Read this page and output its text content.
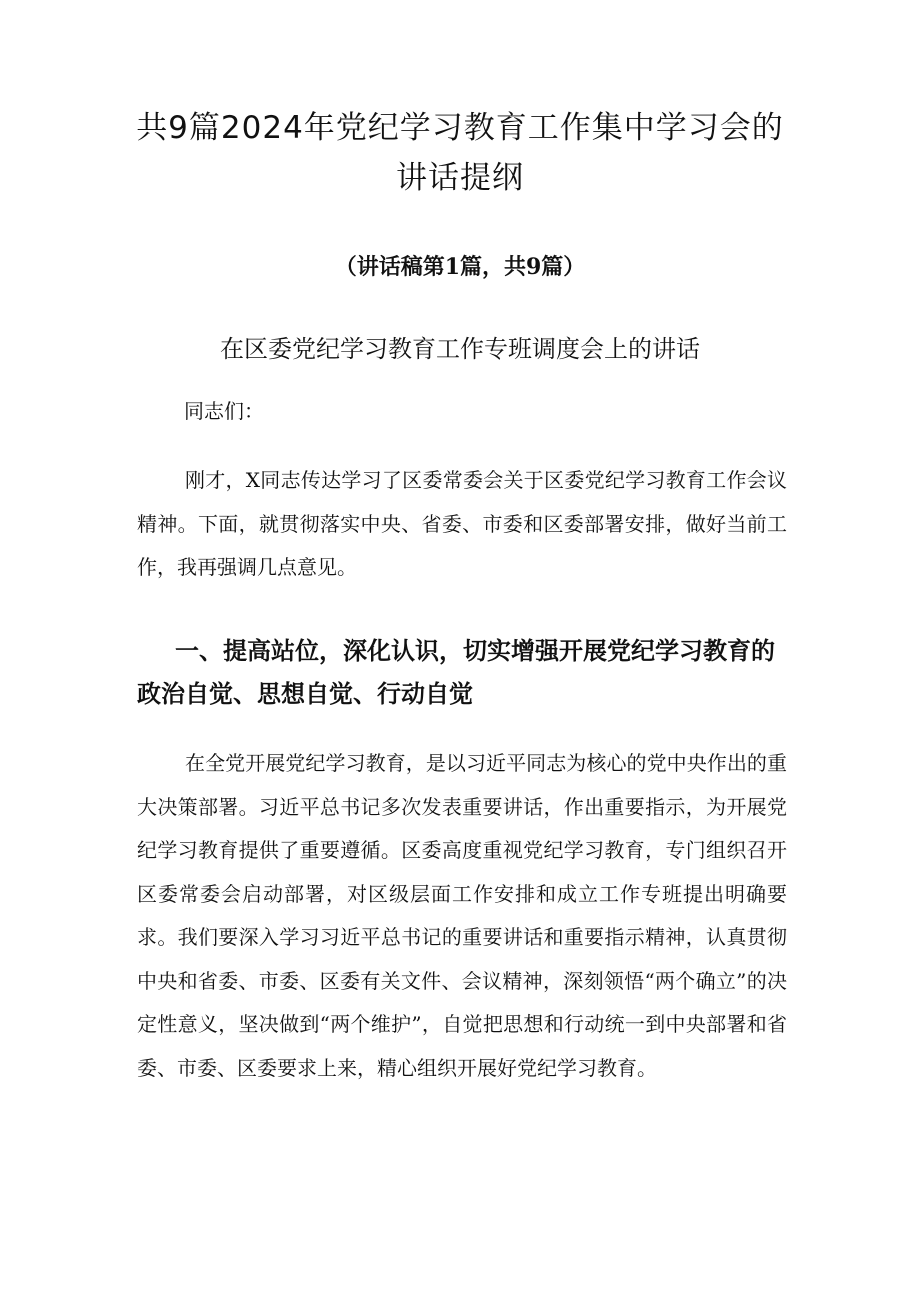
共9篇2024年党纪学习教育工作集中学习会的讲话提纲
（讲话稿第1篇，共9篇）
在区委党纪学习教育工作专班调度会上的讲话
同志们：

刚才，X同志传达学习了区委常委会关于区委党纪学习教育工作会议精神。下面，就贯彻落实中央、省委、市委和区委部署安排，做好当前工作，我再强调几点意见。

一、提高站位，深化认识，切实增强开展党纪学习教育的政治自觉、思想自觉、行动自觉

在全党开展党纪学习教育，是以习近平同志为核心的党中央作出的重大决策部署。习近平总书记多次发表重要讲话，作出重要指示，为开展党纪学习教育提供了重要遵循。区委高度重视党纪学习教育，专门组织召开区委常委会启动部署，对区级层面工作安排和成立工作专班提出明确要求。我们要深入学习习近平总书记的重要讲话和重要指示精神，认真贯彻中央和省委、市委、区委有关文件、会议精神，深刻领悟“两个确立”的决定性意义，坚决做到“两个维护”，自觉把思想和行动统一到中央部署和省委、市委、区委要求上来，精心组织开展好党纪学习教育。
